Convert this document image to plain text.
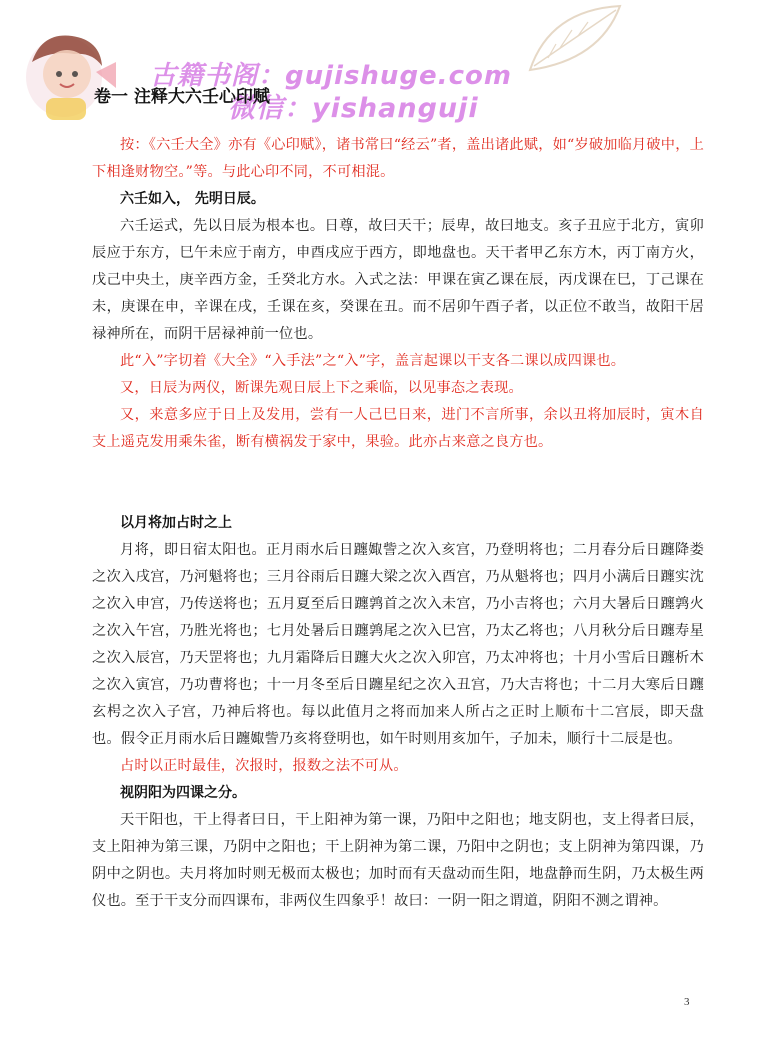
古籍书阁：gujishuge.com
微信：yishanguji
卷一 注释大六壬心印赋

按：《六壬大全》亦有《心印赋》，诸书常曰“经云”者，盖出诸此赋，如“岁破加临月破中，上下相逢财物空。”等。与此心印不同，不可相混。

六壬如入， 先明日辰。

六壬运式，先以日辰为根本也。日尊，故曰天干；辰卑，故曰地支。亥子丑应于北方，寅卯辰应于东方，巳午未应于南方，申酉戌应于西方，即地盘也。天干者甲乙东方木，丙丁南方火，戊己中央土，庚辛西方金，壬癸北方水。入式之法：甲课在寅乙课在辰，丙戊课在巳，丁己课在未，庚课在申，辛课在戌，壬课在亥，癸课在丑。而不居卯午酉子者，以正位不敢当，故阳干居禄神所在，而阴干居禄神前一位也。

此“入”字切着《大全》“入手法”之“入”字，盖言起课以干支各二课以成四课也。

又，日辰为两仪，断课先观日辰上下之乘临，以见事态之表现。

又，来意多应于日上及发用，尝有一人己巳日来，进门不言所事，余以丑将加辰时，寅木自支上遥克发用乘朱雀，断有横祸发于家中，果验。此亦占来意之良方也。

以月将加占时之上

月将，即日宿太阳也。正月雨水后日躔娵訾之次入亥宫，乃登明将也；二月春分后日躔降娄之次入戌宫，乃河魁将也；三月谷雨后日躔大梁之次入酉宫，乃从魁将也；四月小满后日躔实沈之次入申宫，乃传送将也；五月夏至后日躔鹑首之次入未宫，乃小吉将也；六月大暑后日躔鹑火之次入午宫，乃胜光将也；七月处暑后日躔鹑尾之次入巳宫，乃太乙将也；八月秋分后日躔寿星之次入辰宫，乃天罡将也；九月霜降后日躔大火之次入卯宫，乃太冲将也；十月小雪后日躔析木之次入寅宫，乃功曹将也；十一月冬至后日躔星纪之次入丑宫，乃大吉将也；十二月大寒后日躔玄枵之次入子宫，乃神后将也。每以此值月之将而加来人所占之正时上顺布十二宫辰，即天盘也。假令正月雨水后日躔娵訾乃亥将登明也，如午时则用亥加午，子加未，顺行十二辰是也。

占时以正时最佳，次报时，报数之法不可从。

视阴阳为四课之分。

天干阳也，干上得者曰日，干上阳神为第一课，乃阳中之阳也；地支阴也，支上得者曰辰，支上阳神为第三课，乃阴中之阳也；干上阴神为第二课，乃阳中之阴也；支上阴神为第四课，乃阴中之阴也。夫月将加时则无极而太极也；加时而有天盘动而生阳，地盘静而生阴，乃太极生两仪也。至于干支分而四课布，非两仪生四象乎！故曰：一阴一阳之谓道，阴阳不测之谓神。

3
